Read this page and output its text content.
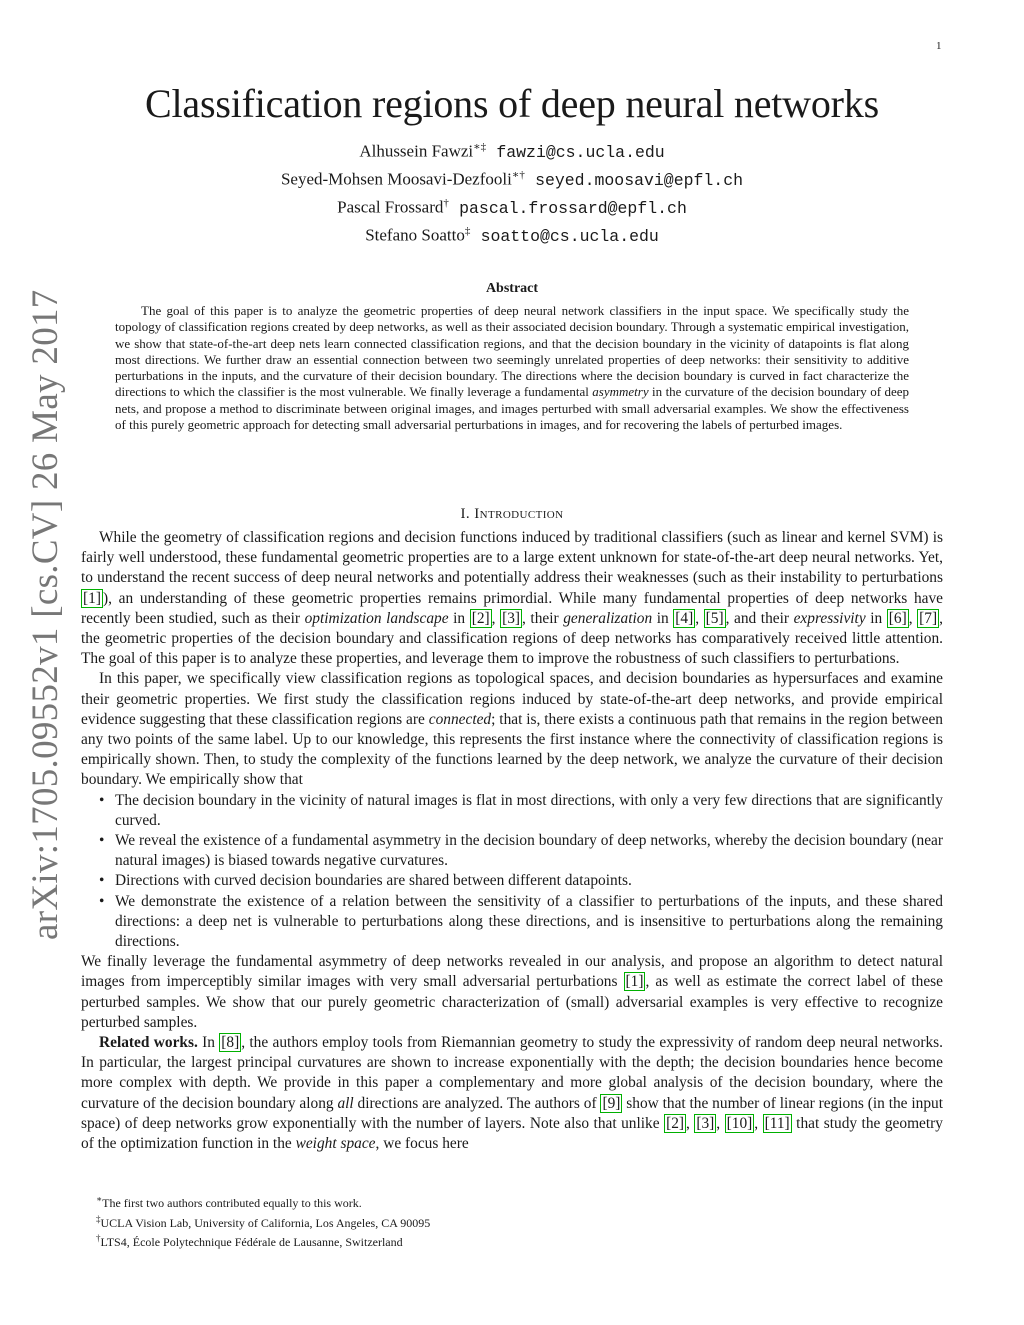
1
arXiv:1705.09552v1 [cs.CV] 26 May 2017
Classification regions of deep neural networks
Alhussein Fawzi∗‡ fawzi@cs.ucla.edu
Seyed-Mohsen Moosavi-Dezfooli∗† seyed.moosavi@epfl.ch
Pascal Frossard† pascal.frossard@epfl.ch
Stefano Soatto‡ soatto@cs.ucla.edu
Abstract

The goal of this paper is to analyze the geometric properties of deep neural network classifiers in the input space. We specifically study the topology of classification regions created by deep networks, as well as their associated decision boundary. Through a systematic empirical investigation, we show that state-of-the-art deep nets learn connected classification regions, and that the decision boundary in the vicinity of datapoints is flat along most directions. We further draw an essential connection between two seemingly unrelated properties of deep networks: their sensitivity to additive perturbations in the inputs, and the curvature of their decision boundary. The directions where the decision boundary is curved in fact characterize the directions to which the classifier is the most vulnerable. We finally leverage a fundamental asymmetry in the curvature of the decision boundary of deep nets, and propose a method to discriminate between original images, and images perturbed with small adversarial examples. We show the effectiveness of this purely geometric approach for detecting small adversarial perturbations in images, and for recovering the labels of perturbed images.

I. Introduction

While the geometry of classification regions and decision functions induced by traditional classifiers (such as linear and kernel SVM) is fairly well understood, these fundamental geometric properties are to a large extent unknown for state-of-the-art deep neural networks. Yet, to understand the recent success of deep neural networks and potentially address their weaknesses (such as their instability to perturbations [1] ), an understanding of these geometric properties remains primordial. While many fundamental properties of deep networks have recently been studied, such as their optimization landscape in [2] , [3] , their generalization in [4] , [5] , and their expressivity in [6] , [7] , the geometric properties of the decision boundary and classification regions of deep networks has comparatively received little attention. The goal of this paper is to analyze these properties, and leverage them to improve the robustness of such classifiers to perturbations.

In this paper, we specifically view classification regions as topological spaces, and decision boundaries as hypersurfaces and examine their geometric properties. We first study the classification regions induced by state-of-the-art deep networks, and provide empirical evidence suggesting that these classification regions are connected; that is, there exists a continuous path that remains in the region between any two points of the same label. Up to our knowledge, this represents the first instance where the connectivity of classification regions is empirically shown. Then, to study the complexity of the functions learned by the deep network, we analyze the curvature of their decision boundary. We empirically show that

• The decision boundary in the vicinity of natural images is flat in most directions, with only a very few directions that are significantly curved.
• We reveal the existence of a fundamental asymmetry in the decision boundary of deep networks, whereby the decision boundary (near natural images) is biased towards negative curvatures.
• Directions with curved decision boundaries are shared between different datapoints.
• We demonstrate the existence of a relation between the sensitivity of a classifier to perturbations of the inputs, and these shared directions: a deep net is vulnerable to perturbations along these directions, and is insensitive to perturbations along the remaining directions.

We finally leverage the fundamental asymmetry of deep networks revealed in our analysis, and propose an algorithm to detect natural images from imperceptibly similar images with very small adversarial perturbations [1] , as well as estimate the correct label of these perturbed samples. We show that our purely geometric characterization of (small) adversarial examples is very effective to recognize perturbed samples.

Related works. In [8] , the authors employ tools from Riemannian geometry to study the expressivity of random deep neural networks. In particular, the largest principal curvatures are shown to increase exponentially with the depth; the decision boundaries hence become more complex with depth. We provide in this paper a complementary and more global analysis of the decision boundary, where the curvature of the decision boundary along all directions are analyzed. The authors of [9] show that the number of linear regions (in the input space) of deep networks grow exponentially with the number of layers. Note also that unlike [2] , [3] , [10] , [11] that study the geometry of the optimization function in the weight space, we focus here

∗The first two authors contributed equally to this work.
‡UCLA Vision Lab, University of California, Los Angeles, CA 90095
†LTS4, École Polytechnique Fédérale de Lausanne, Switzerland
